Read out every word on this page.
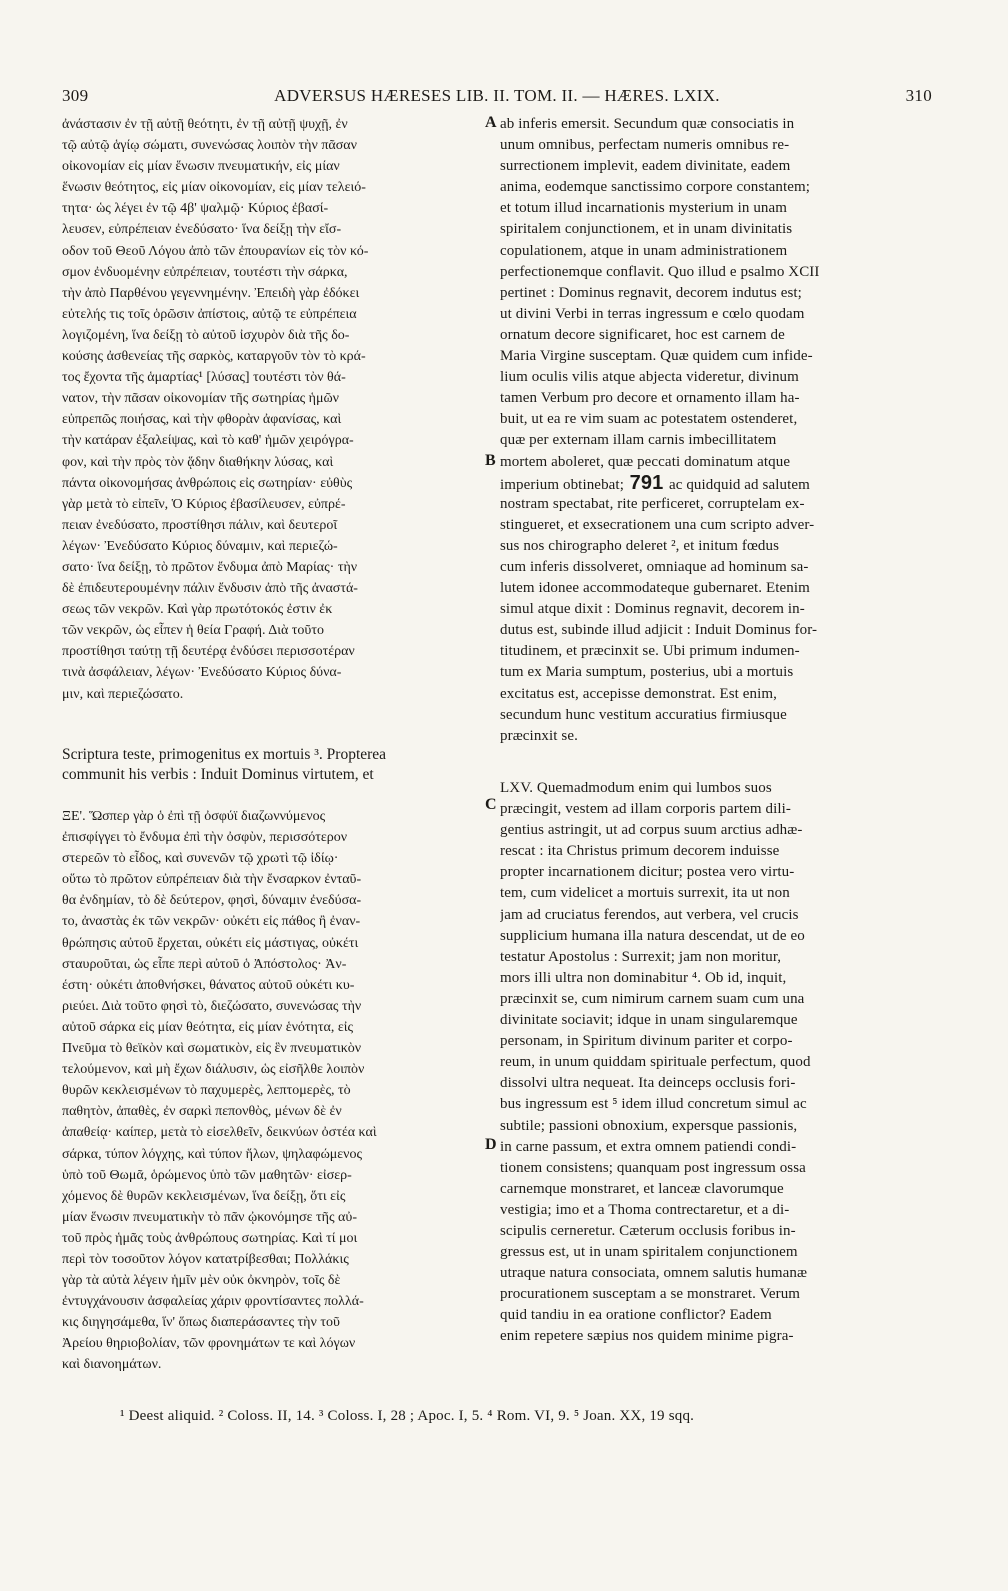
309	ADVERSUS HÆRESES LIB. II. TOM. II. — HÆRES. LXIX.	310
A
B
C
D
ἀνάστασιν ἐν τῇ αὐτῇ θεότητι, ἐν τῇ αὐτῇ ψυχῇ, ἐν
τῷ αὐτῷ ἁγίῳ σώματι, συνενώσας λοιπὸν τὴν πᾶσαν
οἰκονομίαν εἰς μίαν ἕνωσιν πνευματικήν, εἰς μίαν
ἕνωσιν θεότητος, εἰς μίαν οἰκονομίαν, εἰς μίαν τελειό-
τητα· ὡς λέγει ἐν τῷ 4β' ψαλμῷ· Κύριος ἐβασί-
λευσεν, εὐπρέπειαν ἐνεδύσατο· ἵνα δείξῃ τὴν εἴσ-
οδον τοῦ Θεοῦ Λόγου ἀπὸ τῶν ἐπουρανίων εἰς τὸν κό-
σμον ἐνδυομένην εὐπρέπειαν, τουτέστι τὴν σάρκα,
τὴν ἀπὸ Παρθένου γεγεννημένην. Ἐπειδὴ γὰρ ἐδόκει
εὐτελής τις τοῖς ὁρῶσιν ἀπίστοις, αὐτῷ τε εὐπρέπεια
λογιζομένη, ἵνα δείξῃ τὸ αὐτοῦ ἰσχυρὸν διὰ τῆς δο-
κούσης ἀσθενείας τῆς σαρκὸς, καταργοῦν τὸν τὸ κρά-
τος ἔχοντα τῆς ἁμαρτίας¹ [λύσας] τουτέστι τὸν θά-
νατον, τὴν πᾶσαν οἰκονομίαν τῆς σωτηρίας ἡμῶν
εὐπρεπῶς ποιήσας, καὶ τὴν φθορὰν ἀφανίσας, καὶ
τὴν κατάραν ἐξαλείψας, καὶ τὸ καθ' ἡμῶν χειρόγρα-
φον, καὶ τὴν πρὸς τὸν ᾅδην διαθήκην λύσας, καὶ
πάντα οἰκονομήσας ἀνθρώποις εἰς σωτηρίαν· εὐθὺς
γὰρ μετὰ τὸ εἰπεῖν, Ὁ Κύριος ἐβασίλευσεν, εὐπρέ-
πειαν ἐνεδύσατο, προστίθησι πάλιν, καὶ δευτεροῖ
λέγων· Ἐνεδύσατο Κύριος δύναμιν, καὶ περιεζώ-
σατο· ἵνα δείξῃ, τὸ πρῶτον ἔνδυμα ἀπὸ Μαρίας· τὴν
δὲ ἐπιδευτερουμένην πάλιν ἔνδυσιν ἀπὸ τῆς ἀναστά-
σεως τῶν νεκρῶν. Καὶ γὰρ πρωτότοκός ἐστιν ἐκ
τῶν νεκρῶν, ὡς εἶπεν ἡ θεία Γραφή. Διὰ τοῦτο
προστίθησι ταύτῃ τῇ δευτέρᾳ ἐνδύσει περισσοτέραν
τινὰ ἀσφάλειαν, λέγων· Ἐνεδύσατο Κύριος δύνα-
μιν, καὶ περιεζώσατο.
ab inferis emersit. Secundum quæ consociatis in
unum omnibus, perfectam numeris omnibus re-
surrectionem implevit, eadem divinitate, eadem
anima, eodemque sanctissimo corpore constantem;
et totum illud incarnationis mysterium in unam
spiritalem conjunctionem, et in unam divinitatis
copulationem, atque in unam administrationem
perfectionemque conflavit. Quo illud e psalmo XCII
pertinet : Dominus regnavit, decorem indutus est;
ut divini Verbi in terras ingressum e cœlo quodam
ornatum decore significaret, hoc est carnem de
Maria Virgine susceptam. Quæ quidem cum infide-
lium oculis vilis atque abjecta videretur, divinum
tamen Verbum pro decore et ornamento illam ha-
buit, ut ea re vim suam ac potestatem ostenderet,
quæ per externam illam carnis imbecillitatem
mortem aboleret, quæ peccati dominatum atque
imperium obtinebat; 791 ac quidquid ad salutem
nostram spectabat, rite perficeret, corruptelam ex-
stingueret, et exsecrationem una cum scripto adver-
sus nos chirographo deleret ², et initum fœdus
cum inferis dissolveret, omniaque ad hominum sa-
lutem idonee accommodateque gubernaret. Etenim
simul atque dixit : Dominus regnavit, decorem in-
dutus est, subinde illud adjicit : Induit Dominus for-
titudinem, et præcinxit se. Ubi primum indumen-
tum ex Maria sumptum, posterius, ubi a mortuis
excitatus est, accepisse demonstrat. Est enim,
secundum hunc vestitum accuratius firmiusque
præcinxit se.
Scriptura teste, primogenitus ex mortuis ³. Propterea
communit his verbis : Induit Dominus virtutem, et
ΞΕ'. Ὥσπερ γὰρ ὁ ἐπὶ τῇ ὀσφύϊ διαζωννύμενος
ἐπισφίγγει τὸ ἔνδυμα ἐπὶ τὴν ὀσφὺν, περισσότερον
στερεῶν τὸ εἶδος, καὶ συνενῶν τῷ χρωτὶ τῷ ἰδίῳ·
οὕτω τὸ πρῶτον εὐπρέπειαν διὰ τὴν ἔνσαρκον ἐνταῦ-
θα ἐνδημίαν, τὸ δὲ δεύτερον, φησὶ, δύναμιν ἐνεδύσα-
το, ἀναστὰς ἐκ τῶν νεκρῶν· οὐκέτι εἰς πάθος ἢ ἐναν-
θρώπησις αὐτοῦ ἔρχεται, οὐκέτι εἰς μάστιγας, οὐκέτι
σταυροῦται, ὡς εἶπε περὶ αὐτοῦ ὁ Ἀπόστολος· Ἀν-
έστη· οὐκέτι ἀποθνήσκει, θάνατος αὐτοῦ οὐκέτι κυ-
ριεύει. Διὰ τοῦτο φησὶ τὸ, διεζώσατο, συνενώσας τὴν
αὐτοῦ σάρκα εἰς μίαν θεότητα, εἰς μίαν ἑνότητα, εἰς
Πνεῦμα τὸ θεϊκὸν καὶ σωματικὸν, εἰς ἓν πνευματικὸν
τελούμενον, καὶ μὴ ἔχων διάλυσιν, ὡς εἰσῆλθε λοιπὸν
θυρῶν κεκλεισμένων τὸ παχυμερὲς, λεπτομερὲς, τὸ
παθητὸν, ἀπαθὲς, ἐν σαρκὶ πεπονθὸς, μένων δὲ ἐν
ἀπαθείᾳ· καίπερ, μετὰ τὸ εἰσελθεῖν, δεικνύων ὀστέα καὶ
σάρκα, τύπον λόγχης, καὶ τύπον ἥλων, ψηλαφώμενος
ὑπὸ τοῦ Θωμᾶ, ὁρώμενος ὑπὸ τῶν μαθητῶν· εἰσερ-
χόμενος δὲ θυρῶν κεκλεισμένων, ἵνα δείξῃ, ὅτι εἰς
μίαν ἕνωσιν πνευματικὴν τὸ πᾶν ᾠκονόμησε τῆς αὐ-
τοῦ πρὸς ἡμᾶς τοὺς ἀνθρώπους σωτηρίας. Καὶ τί μοι
περὶ τὸν τοσοῦτον λόγον κατατρίβεσθαι; Πολλάκις
γὰρ τὰ αὐτὰ λέγειν ἡμῖν μὲν οὐκ ὀκνηρὸν, τοῖς δὲ
ἐντυγχάνουσιν ἀσφαλείας χάριν φροντίσαντες πολλά-
κις διηγησάμεθα, ἵν' ὅπως διαπεράσαντες τὴν τοῦ
Ἀρείου θηριοβολίαν, τῶν φρονημάτων τε καὶ λόγων
καὶ διανοημάτων.
LXV. Quemadmodum enim qui lumbos suos
præcingit, vestem ad illam corporis partem dili-
gentius astringit, ut ad corpus suum arctius adhæ-
rescat : ita Christus primum decorem induisse
propter incarnationem dicitur; postea vero virtu-
tem, cum videlicet a mortuis surrexit, ita ut non
jam ad cruciatus ferendos, aut verbera, vel crucis
supplicium humana illa natura descendat, ut de eo
testatur Apostolus : Surrexit; jam non moritur,
mors illi ultra non dominabitur ⁴. Ob id, inquit,
præcinxit se, cum nimirum carnem suam cum una
divinitate sociavit; idque in unam singularemque
personam, in Spiritum divinum pariter et corpo-
reum, in unum quiddam spirituale perfectum, quod
dissolvi ultra nequeat. Ita deinceps occlusis fori-
bus ingressum est ⁵ idem illud concretum simul ac
subtile; passioni obnoxium, expersque passionis,
in carne passum, et extra omnem patiendi condi-
tionem consistens; quanquam post ingressum ossa
carnemque monstraret, et lanceæ clavorumque
vestigia; imo et a Thoma contrectaretur, et a di-
scipulis cerneretur. Cæterum occlusis foribus in-
gressus est, ut in unam spiritalem conjunctionem
utraque natura consociata, omnem salutis humanæ
procurationem susceptam a se monstraret. Verum
quid tandiu in ea oratione conflictor? Eadem
enim repetere sæpius nos quidem minime pigra-
¹ Deest aliquid. ² Coloss. II, 14. ³ Coloss. I, 28 ; Apoc. I, 5. ⁴ Rom. VI, 9. ⁵ Joan. XX, 19 sqq.
